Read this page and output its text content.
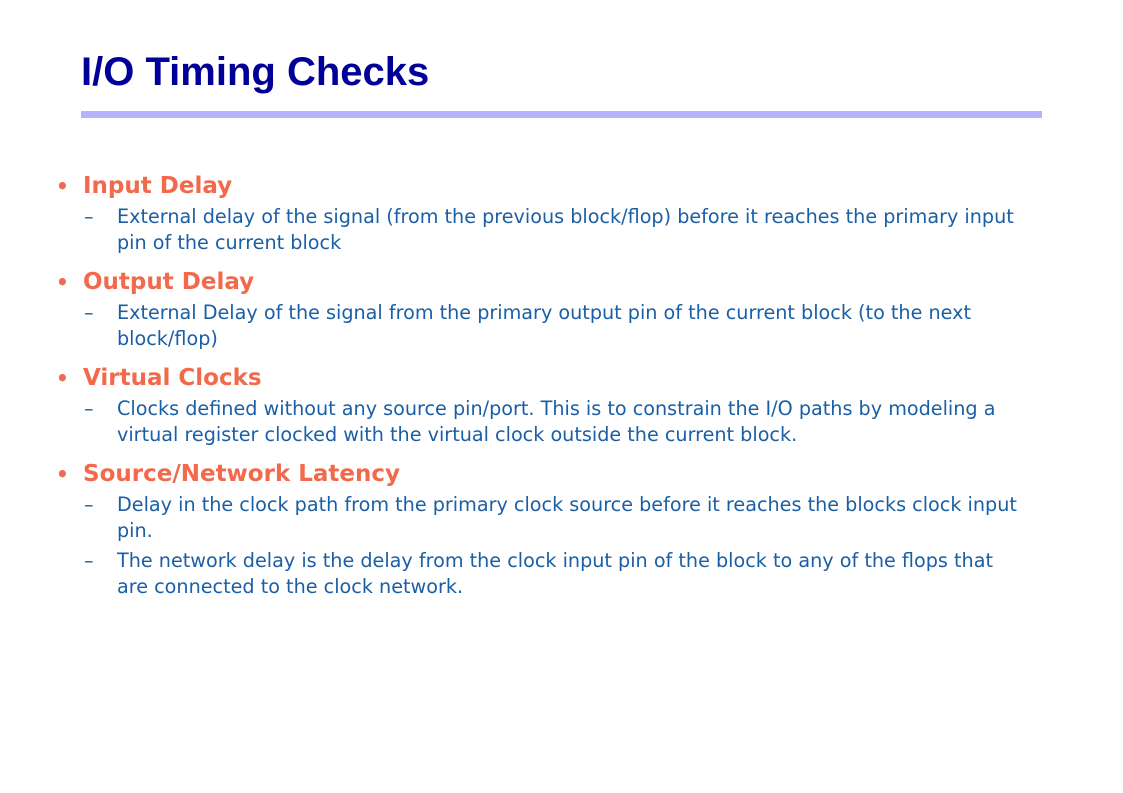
I/O Timing Checks
• Input Delay
– External delay of the signal (from the previous block/flop) before it reaches the primary input pin of the current block
• Output Delay
– External Delay of the signal from the primary output pin of the current block (to the next block/flop)
• Virtual Clocks
– Clocks defined without any source pin/port. This is to constrain the I/O paths by modeling a virtual register clocked with the virtual clock outside the current block.
• Source/Network Latency
– Delay in the clock path from the primary clock source before it reaches the blocks clock input pin.
– The network delay is the delay from the clock input pin of the block to any of the flops that are connected to the clock network.
